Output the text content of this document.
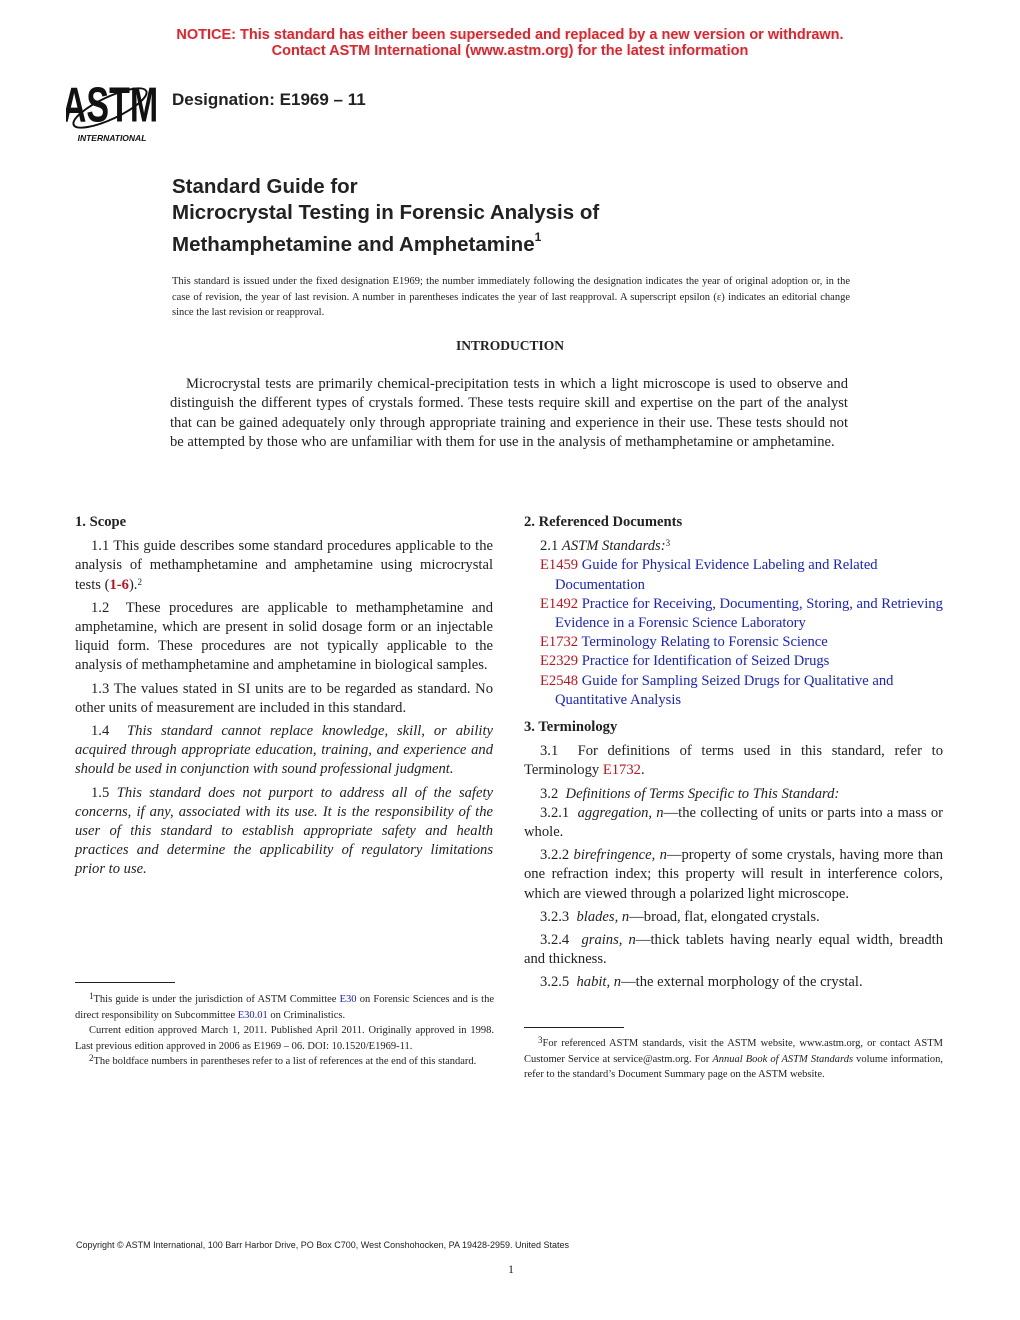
NOTICE: This standard has either been superseded and replaced by a new version or withdrawn.
Contact ASTM International (www.astm.org) for the latest information
ASTM
INTERNATIONAL
Designation: E1969 – 11
Standard Guide for
Microcrystal Testing in Forensic Analysis of
Methamphetamine and Amphetamine$^1$
This standard is issued under the fixed designation E1969; the number immediately following the designation indicates the year of original adoption or, in the case of revision, the year of last revision. A number in parentheses indicates the year of last reapproval. A superscript epsilon (ε) indicates an editorial change since the last revision or reapproval.
INTRODUCTION
Microcrystal tests are primarily chemical-precipitation tests in which a light microscope is used to observe and distinguish the different types of crystals formed. These tests require skill and expertise on the part of the analyst that can be gained adequately only through appropriate training and experience in their use. These tests should not be attempted by those who are unfamiliar with them for use in the analysis of methamphetamine or amphetamine.
1. Scope

1.1 This guide describes some standard procedures applicable to the analysis of methamphetamine and amphetamine using microcrystal tests (1-6).$^2$

1.2 These procedures are applicable to methamphetamine and amphetamine, which are present in solid dosage form or an injectable liquid form. These procedures are not typically applicable to the analysis of methamphetamine and amphetamine in biological samples.

1.3 The values stated in SI units are to be regarded as standard. No other units of measurement are included in this standard.

1.4 This standard cannot replace knowledge, skill, or ability acquired through appropriate education, training, and experience and should be used in conjunction with sound professional judgment.

1.5 This standard does not purport to address all of the safety concerns, if any, associated with its use. It is the responsibility of the user of this standard to establish appropriate safety and health practices and determine the applicability of regulatory limitations prior to use.

$^1$This guide is under the jurisdiction of ASTM Committee E30 on Forensic Sciences and is the direct responsibility on Subcommittee E30.01 on Criminalistics.

Current edition approved March 1, 2011. Published April 2011. Originally approved in 1998. Last previous edition approved in 2006 as E1969 – 06. DOI: 10.1520/E1969-11.

$^2$The boldface numbers in parentheses refer to a list of references at the end of this standard.

2. Referenced Documents

2.1 ASTM Standards:$^3$

E1459 Guide for Physical Evidence Labeling and Related Documentation

E1492 Practice for Receiving, Documenting, Storing, and Retrieving Evidence in a Forensic Science Laboratory

E1732 Terminology Relating to Forensic Science

E2329 Practice for Identification of Seized Drugs

E2548 Guide for Sampling Seized Drugs for Qualitative and Quantitative Analysis

3. Terminology

3.1 For definitions of terms used in this standard, refer to Terminology E1732.

3.2 Definitions of Terms Specific to This Standard:

3.2.1 aggregation, n—the collecting of units or parts into a mass or whole.

3.2.2 birefringence, n—property of some crystals, having more than one refraction index; this property will result in interference colors, which are viewed through a polarized light microscope.

3.2.3 blades, n—broad, flat, elongated crystals.

3.2.4 grains, n—thick tablets having nearly equal width, breadth and thickness.

3.2.5 habit, n—the external morphology of the crystal.

$^3$For referenced ASTM standards, visit the ASTM website, www.astm.org, or contact ASTM Customer Service at service@astm.org. For Annual Book of ASTM Standards volume information, refer to the standard’s Document Summary page on the ASTM website.

Copyright © ASTM International, 100 Barr Harbor Drive, PO Box C700, West Conshohocken, PA 19428-2959. United States
1
